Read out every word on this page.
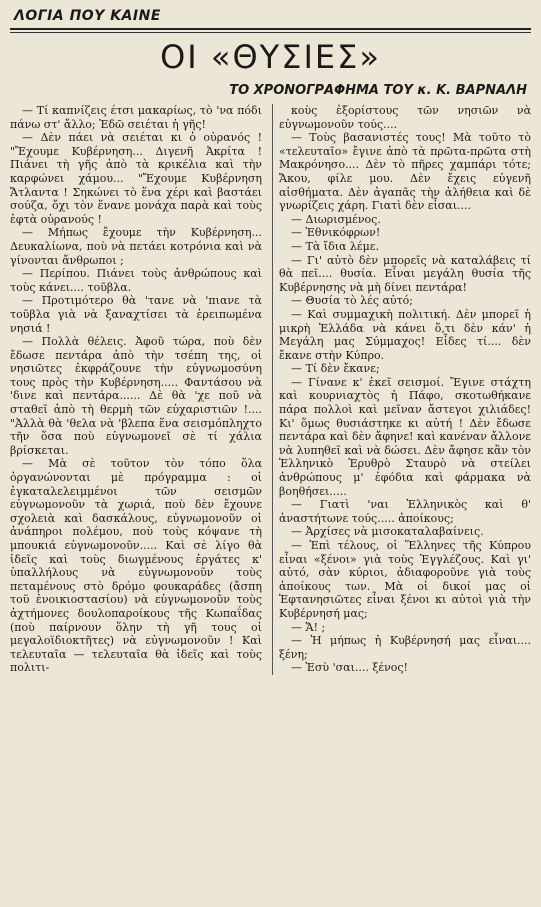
ΛΟΓΙΑ ΠΟΥ ΚΑΙΝΕ
ΟΙ «ΘΥΣΙΕΣ»
ΤΟ ΧΡΟΝΟΓΡΑΦΗΜΑ ΤΟΥ κ. Κ. ΒΑΡΝΑΛΗ

— Τί καπνίζεις έτσι μακαρίως, τὸ 'να πόδι πάνω στ' ἄλλο; Ἐδῶ σειέται ἡ γῆς!

— Δὲν πάει νὰ σειέται κι ὁ οὐρανός ! "Ἔχουμε Κυβέρνηση... Διγενῆ Ἀκρίτα ! Πιάνει τὴ γῆς ἀπὸ τὰ κρικέλια καὶ τὴν καρφώνει χάμου... "Ἔχουμε Κυβέρνηση Ἄτλαντα ! Σηκώνει τὸ ἕνα χέρι καὶ βαστάει σούζα, ὄχι τὸν ἕνανε μονάχα παρὰ καὶ τοὺς ἑφτὰ οὐρανούς !

— Μήπως ἔχουμε τὴν Κυβέρνηση... Δευκαλίωνα, ποὺ νὰ πετάει κοτρόνια καὶ νὰ γίνονται ἄνθρωποι ;

— Περίπου. Πιάνει τοὺς ἀνθρώπους καὶ τοὺς κάνει.... τοῦβλα.

— Προτιμότερο θὰ 'τανε νὰ 'πιανε τὰ τοῦβλα γιὰ νὰ ξαναχτίσει τὰ ἐρειπωμένα νησιά !

— Πολλὰ θέλεις. Ἀφοῦ τώρα, ποὺ δὲν ἔδωσε πεντάρα ἀπὸ τὴν τσέπη της, οἱ νησιῶτες ἐκφράζουνε τὴν εὐγνωμοσύνη τους πρὸς τὴν Κυβέρνηση..... Φαντάσου νὰ 'δινε καὶ πεντάρα...... Δὲ θὰ 'χε ποῦ νὰ σταθεῖ ἀπὸ τὴ θερμὴ τῶν εὐχαριστιῶν !.... "Ἀλλὰ θὰ 'θελα νὰ 'βλεπα ἕνα σεισμόπληχτο τῆν ὅσα ποὺ εὐγνωμονεῖ σὲ τί χάλια βρίσκεται.

— Μὰ σὲ τοῦτον τὸν τόπο ὅλα ὀργανώνονται μὲ πρόγραμμα : οἱ ἐγκαταλελειμμένοι τῶν σεισμῶν εὐγνωμονοῦν τὰ χωριά, ποὺ δὲν ἔχουνε σχολειὰ καὶ δασκάλους, εὐγνωμονοῦν οἱ ἀνάπηροι πολέμου, ποὺ τοὺς κόψανε τὴ μπουκιά εὐγνωμονοῦν..... Καὶ σὲ λίγο θὰ ἰδεῖς καὶ τοὺς διωγμένους ἐργάτες κ' ὑπαλλήλους νὰ εὐγνωμονοῦν τοὺς πεταμένους στὸ δρόμο φουκαράδες (ἄσπη τοῦ ἐνοικιοστασίου) νὰ εὐγνωμονοῦν τοὺς ἀχτήμονες δουλοπαροίκους τῆς Κωπαΐδας (ποὺ παίρνουν ὅλην τὴ γῆ τους οἱ μεγαλοϊδιοκτῆτες) νὰ εὐγνωμονοῦν ! Καὶ τελευταῖα — τελευταῖα θὰ ἰδεῖς καὶ τοὺς πολιτι-

κοὺς ἐξορίστους τῶν νησιῶν νὰ εὐγνωμονοῦν τούς....

— Τοὺς βασανιστές τους! Μὰ τοῦτο τὸ «τελευταῖο» ἔγινε ἀπὸ τὰ πρῶτα-πρῶτα στὴ Μακρόνησο.... Δὲν τὸ πῆρες χαμπάρι τότε; Ἄκου, φίλε μου. Δὲν ἔχεις εὐγενῆ αἰσθήματα. Δὲν ἀγαπᾶς τὴν ἀλήθεια καὶ δὲ γνωρίζεις χάρη. Γιατὶ δὲν εἶσαι....

— Διωρισμένος.

— Ἐθνικόφρων!

— Τὰ ἴδια λέμε.

— Γι' αὐτὸ δὲν μπορεῖς νὰ καταλάβεις τί θὰ πεῖ.... θυσία. Εἶναι μεγάλη θυσία τῆς Κυβέρνησης νὰ μὴ δίνει πεντάρα!

— Θυσία τὸ λές αὐτό;

— Καὶ συμμαχικὴ πολιτική. Δὲν μπορεῖ ἡ μικρὴ Ἑλλάδα νὰ κάνει ὅ,τι δὲν κάν' ἡ Μεγάλη μας Σύμμαχος! Εἶδες τί.... δὲν ἔκανε στὴν Κύπρο.

— Τί δὲν ἔκανε;

— Γίνανε κ' ἐκεῖ σεισμοί. Ἔγινε στάχτη καὶ κουρνιαχτὸς ἡ Πάφο, σκοτωθήκανε πάρα πολλοὶ καὶ μεῖναν ἄστεγοι χιλιάδες! Κι' ὅμως θυσιάστηκε κι αὐτή ! Δὲν ἔδωσε πεντάρα καὶ δὲν ἄφηνε! καὶ κανέναν ἄλλονε νὰ λυπηθεῖ καὶ νὰ δώσει. Δὲν ἄφησε κἂν τὸν Ἑλληνικὸ Ἐρυθρὸ Σταυρὸ νὰ στείλει ἀνθρώπους μ' ἐφόδια καὶ φάρμακα νὰ βοηθήσει.....

— Γιατὶ 'ναι Ἑλληνικὸς καὶ θ' ἀναστήτωνε τούς..... ἀποίκους;

— Ἀρχίσες νὰ μισοκαταλαβαίνεις.

— Ἐπὶ τέλους, οἱ Ἕλληνες τῆς Κύπρου εἶναι «ξένοι» γιὰ τοὺς Ἐγγλέζους. Καὶ γι' αὐτό, σὰν κύριοι, ἀδιαφοροῦνε γιὰ τοὺς ἀποίκους των. Μὰ οἱ δικοί μας οἱ Ἑφτανησιῶτες εἶναι ξένοι κι αὐτοὶ γιὰ τὴν Κυβέρνησή μας;

— Ἄ! ;

— Ἡ μήπως ἡ Κυβέρνησή μας εἶναι.... ξένη;

— Ἐσὺ 'σαι.... ξένος!
